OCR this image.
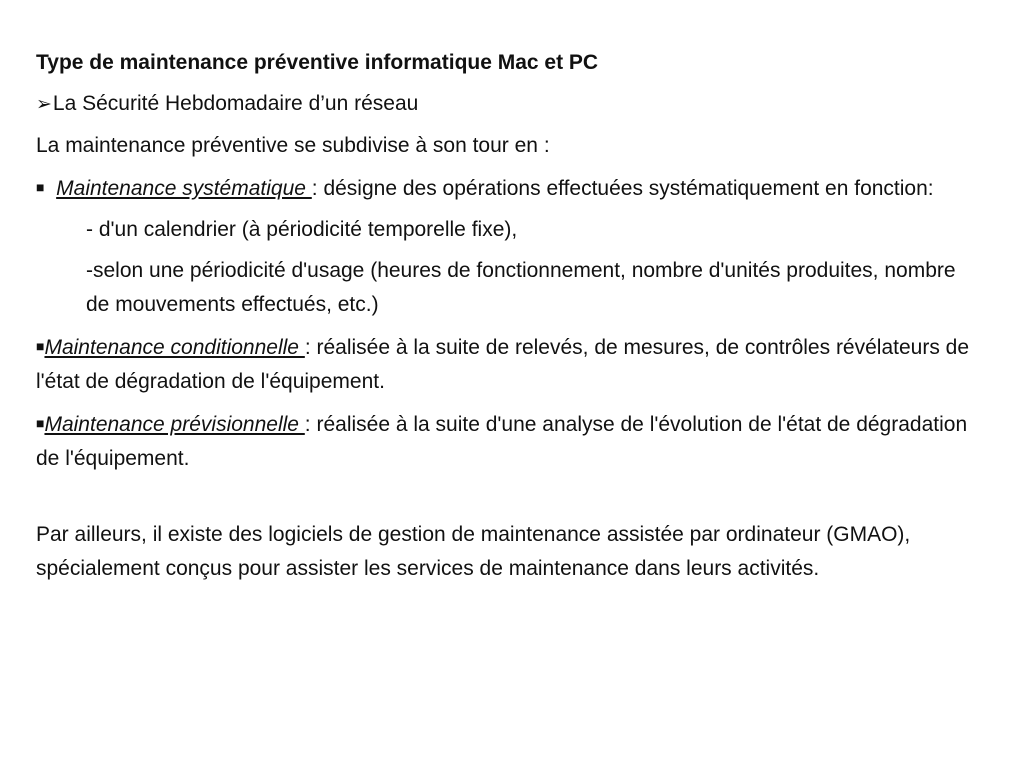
Type de maintenance préventive informatique Mac et PC

➢La Sécurité Hebdomadaire d’un réseau

La maintenance préventive se subdivise à son tour en :

■ Maintenance systématique : désigne des opérations effectuées systématiquement en fonction:

- d'un calendrier (à périodicité temporelle fixe),

-selon une périodicité d'usage (heures de fonctionnement, nombre d'unités produites, nombre de mouvements effectués, etc.)

■Maintenance conditionnelle : réalisée à la suite de relevés, de mesures, de contrôles révélateurs de l'état de dégradation de l'équipement.

■Maintenance prévisionnelle : réalisée à la suite d'une analyse de l'évolution de l'état de dégradation de l'équipement.

Par ailleurs, il existe des logiciels de gestion de maintenance assistée par ordinateur (GMAO), spécialement conçus pour assister les services de maintenance dans leurs activités.
